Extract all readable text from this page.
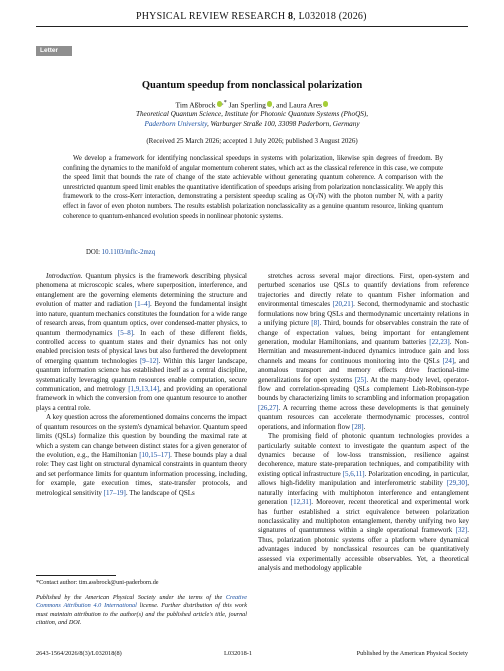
PHYSICAL REVIEW RESEARCH 8, L032018 (2026)
Letter
Quantum speedup from nonclassical polarization
Tim Aßbrock ,* Jan Sperling , and Laura Ares
Theoretical Quantum Science, Institute for Photonic Quantum Systems (PhoQS),
Paderborn University, Warburger Straße 100, 33098 Paderborn, Germany
(Received 25 March 2026; accepted 1 July 2026; published 3 August 2026)
We develop a framework for identifying nonclassical speedups in systems with polarization, likewise spin degrees of freedom. By confining the dynamics to the manifold of angular momentum coherent states, which act as the classical reference in this case, we compute the speed limit that bounds the rate of change of the state achievable without generating quantum coherence. A comparison with the unrestricted quantum speed limit enables the quantitative identification of speedups arising from polarization nonclassicality. We apply this framework to the cross-Kerr interaction, demonstrating a persistent speedup scaling as O(√N) with the photon number N, with a parity effect in favor of even photon numbers. The results establish polarization nonclassicality as a genuine quantum resource, linking quantum coherence to quantum-enhanced evolution speeds in nonlinear photonic systems.
DOI: 10.1103/mflc-2mzq

Introduction. Quantum physics is the framework describing physical phenomena at microscopic scales, where superposition, interference, and entanglement are the governing elements determining the structure and evolution of matter and radiation [1–4]. Beyond the fundamental insight into nature, quantum mechanics constitutes the foundation for a wide range of research areas, from quantum optics, over condensed-matter physics, to quantum thermodynamics [5–8]. In each of these different fields, controlled access to quantum states and their dynamics has not only enabled precision tests of physical laws but also furthered the development of emerging quantum technologies [9–12]. Within this larger landscape, quantum information science has established itself as a central discipline, systematically leveraging quantum resources enable computation, secure communication, and metrology [1,9,13,14], and providing an operational framework in which the conversion from one quantum resource to another plays a central role.

A key question across the aforementioned domains concerns the impact of quantum resources on the system's dynamical behavior. Quantum speed limits (QSLs) formalize this question by bounding the maximal rate at which a system can change between distinct states for a given generator of the evolution, e.g., the Hamiltonian [10,15–17]. These bounds play a dual role: They cast light on structural dynamical constraints in quantum theory and set performance limits for quantum information processing, including, for example, gate execution times, state-transfer protocols, and metrological sensitivity [17–19]. The landscape of QSLs

stretches across several major directions. First, open-system and perturbed scenarios use QSLs to quantify deviations from reference trajectories and directly relate to quantum Fisher information and environmental timescales [20,21]. Second, thermodynamic and stochastic formulations now bring QSLs and thermodynamic uncertainty relations in a unifying picture [8]. Third, bounds for observables constrain the rate of change of expectation values, being important for entanglement generation, modular Hamiltonians, and quantum batteries [22,23]. Non-Hermitian and measurement-induced dynamics introduce gain and loss channels and means for continuous monitoring into the QSLs [24], and anomalous transport and memory effects drive fractional-time generalizations for open systems [25]. At the many-body level, operator-flow and correlation-spreading QSLs complement Lieb-Robinson-type bounds by characterizing limits to scrambling and information propagation [26,27]. A recurring theme across these developments is that genuinely quantum resources can accelerate thermodynamic processes, control operations, and information flow [28].

The promising field of photonic quantum technologies provides a particularly suitable context to investigate the quantum aspect of the dynamics because of low-loss transmission, resilience against decoherence, mature state-preparation techniques, and compatibility with existing optical infrastructure [5,6,11]. Polarization encoding, in particular, allows high-fidelity manipulation and interferometric stability [29,30], naturally interfacing with multiphoton interference and entanglement generation [12,31]. Moreover, recent theoretical and experimental work has further established a strict equivalence between polarization nonclassicality and multiphoton entanglement, thereby unifying two key signatures of quantumness within a single operational framework [32]. Thus, polarization photonic systems offer a platform where dynamical advantages induced by nonclassical resources can be quantitatively assessed via experimentally accessible observables. Yet, a theoretical analysis and methodology applicable

*Contact author: tim.assbrock@uni-paderborn.de
Published by the American Physical Society under the terms of the Creative Commons Attribution 4.0 International license. Further distribution of this work must maintain attribution to the author(s) and the published article's title, journal citation, and DOI.
2643-1564/2026/8(3)/L032018(8)	L032018-1	Published by the American Physical Society
